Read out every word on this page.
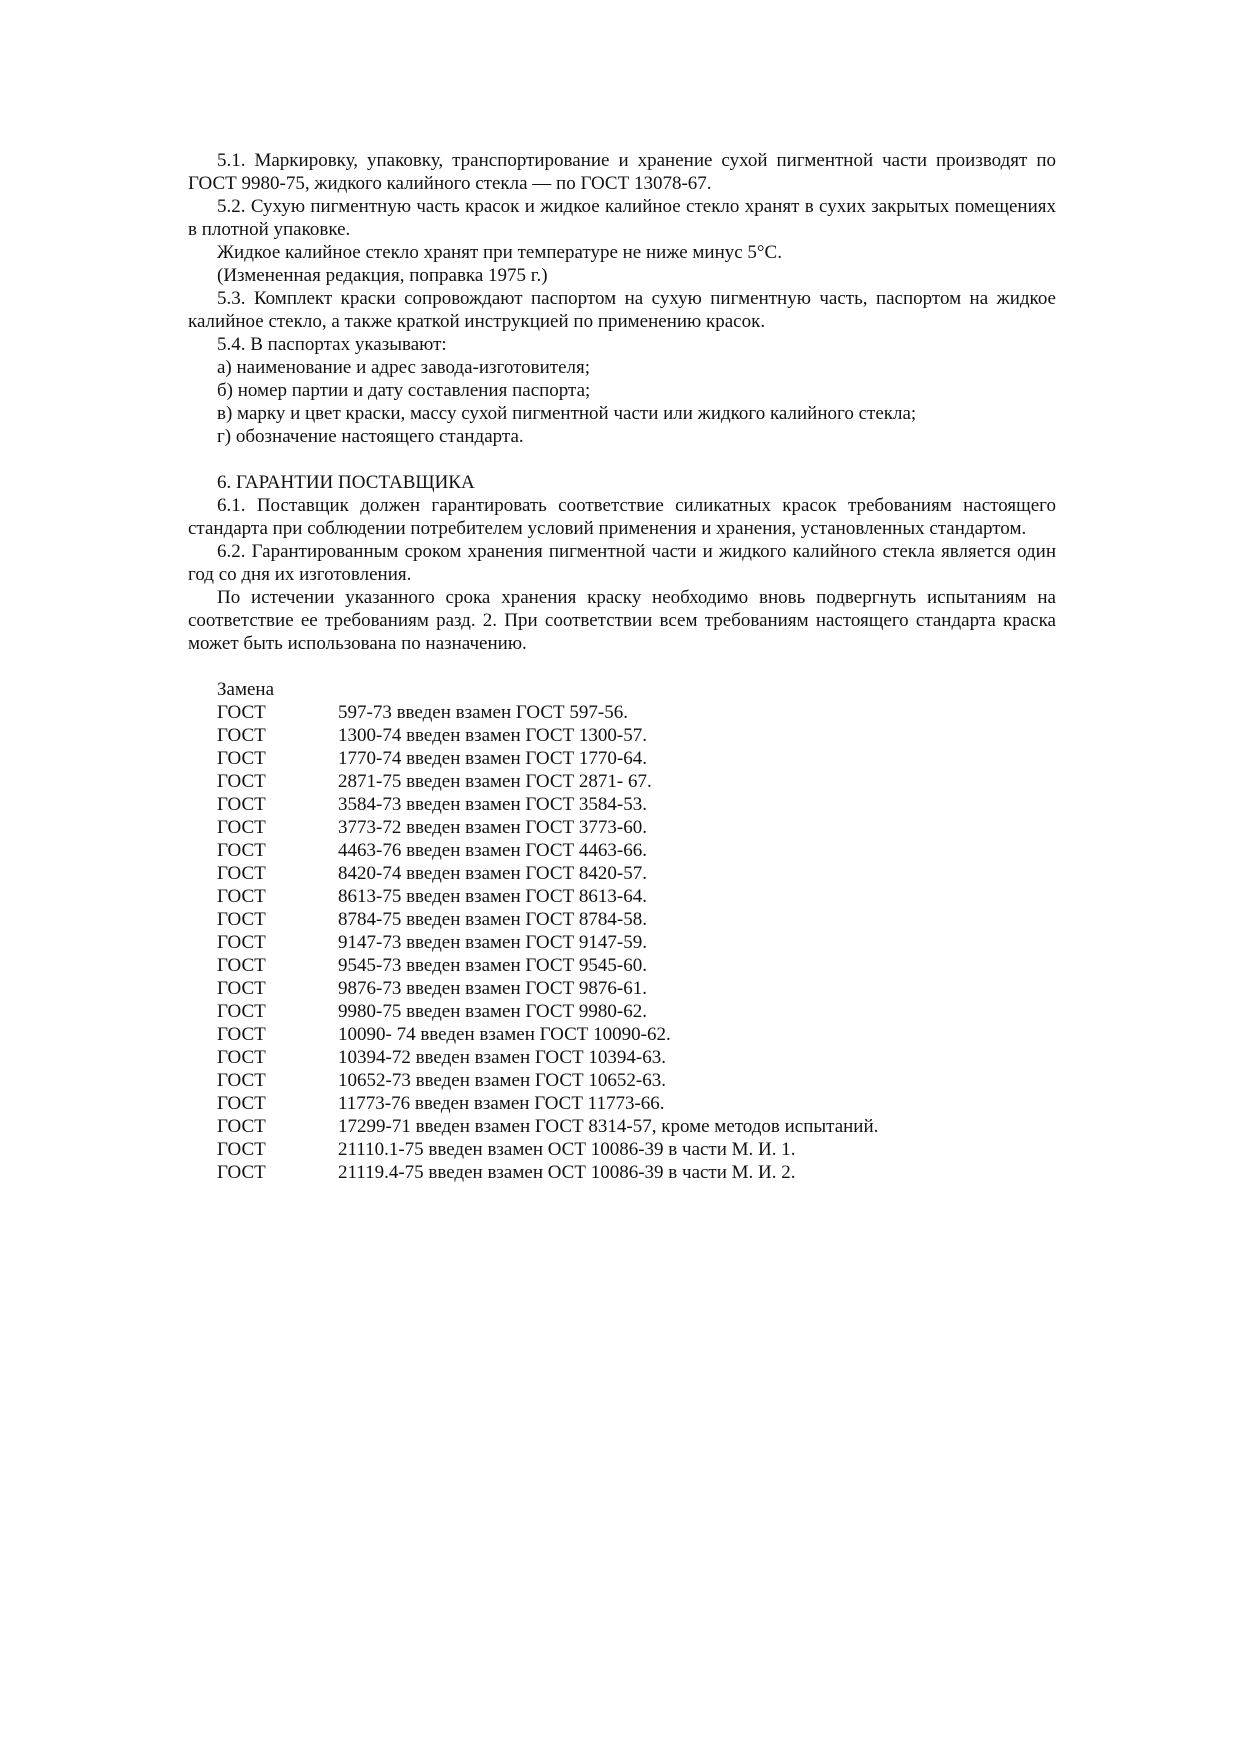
5.1. Маркировку, упаковку, транспортирование и хранение сухой пигментной части производят по ГОСТ 9980-75, жидкого калийного стекла — по ГОСТ 13078-67.

5.2. Сухую пигментную часть красок и жидкое калийное стекло хранят в сухих закрытых помещениях в плотной упаковке.

Жидкое калийное стекло хранят при температуре не ниже минус 5°С.

(Измененная редакция, поправка 1975 г.)

5.3. Комплект краски сопровождают паспортом на сухую пигментную часть, паспортом на жидкое калийное стекло, а также краткой инструкцией по применению красок.

5.4. В паспортах указывают:

а) наименование и адрес завода-изготовителя;

б) номер партии и дату составления паспорта;

в) марку и цвет краски, массу сухой пигментной части или жидкого калийного стекла;

г) обозначение настоящего стандарта.

6. ГАРАНТИИ ПОСТАВЩИКА

6.1. Поставщик должен гарантировать соответствие силикатных красок требованиям настоящего стандарта при соблюдении потребителем условий применения и хранения, установленных стандартом.

6.2. Гарантированным сроком хранения пигментной части и жидкого калийного стекла является один год со дня их изготовления.

По истечении указанного срока хранения краску необходимо вновь подвергнуть испытаниям на соответствие ее требованиям разд. 2. При соответствии всем требованиям настоящего стандарта краска может быть использована по назначению.

Замена

ГОСТ	597-73 введен взамен ГОСТ 597-56.
ГОСТ	1300-74 введен взамен ГОСТ 1300-57.
ГОСТ	1770-74 введен взамен ГОСТ 1770-64.
ГОСТ	2871-75 введен взамен ГОСТ 2871- 67.
ГОСТ	3584-73 введен взамен ГОСТ 3584-53.
ГОСТ	3773-72 введен взамен ГОСТ 3773-60.
ГОСТ	4463-76 введен взамен ГОСТ 4463-66.
ГОСТ	8420-74 введен взамен ГОСТ 8420-57.
ГОСТ	8613-75 введен взамен ГОСТ 8613-64.
ГОСТ	8784-75 введен взамен ГОСТ 8784-58.
ГОСТ	9147-73 введен взамен ГОСТ 9147-59.
ГОСТ	9545-73 введен взамен ГОСТ 9545-60.
ГОСТ	9876-73 введен взамен ГОСТ 9876-61.
ГОСТ	9980-75 введен взамен ГОСТ 9980-62.
ГОСТ	10090- 74 введен взамен ГОСТ 10090-62.
ГОСТ	10394-72 введен взамен ГОСТ 10394-63.
ГОСТ	10652-73 введен взамен ГОСТ 10652-63.
ГОСТ	11773-76 введен взамен ГОСТ 11773-66.
ГОСТ	17299-71 введен взамен ГОСТ 8314-57, кроме методов испытаний.
ГОСТ	21110.1-75 введен взамен ОСТ 10086-39 в части М. И. 1.
ГОСТ	21119.4-75 введен взамен ОСТ 10086-39 в части М. И. 2.
